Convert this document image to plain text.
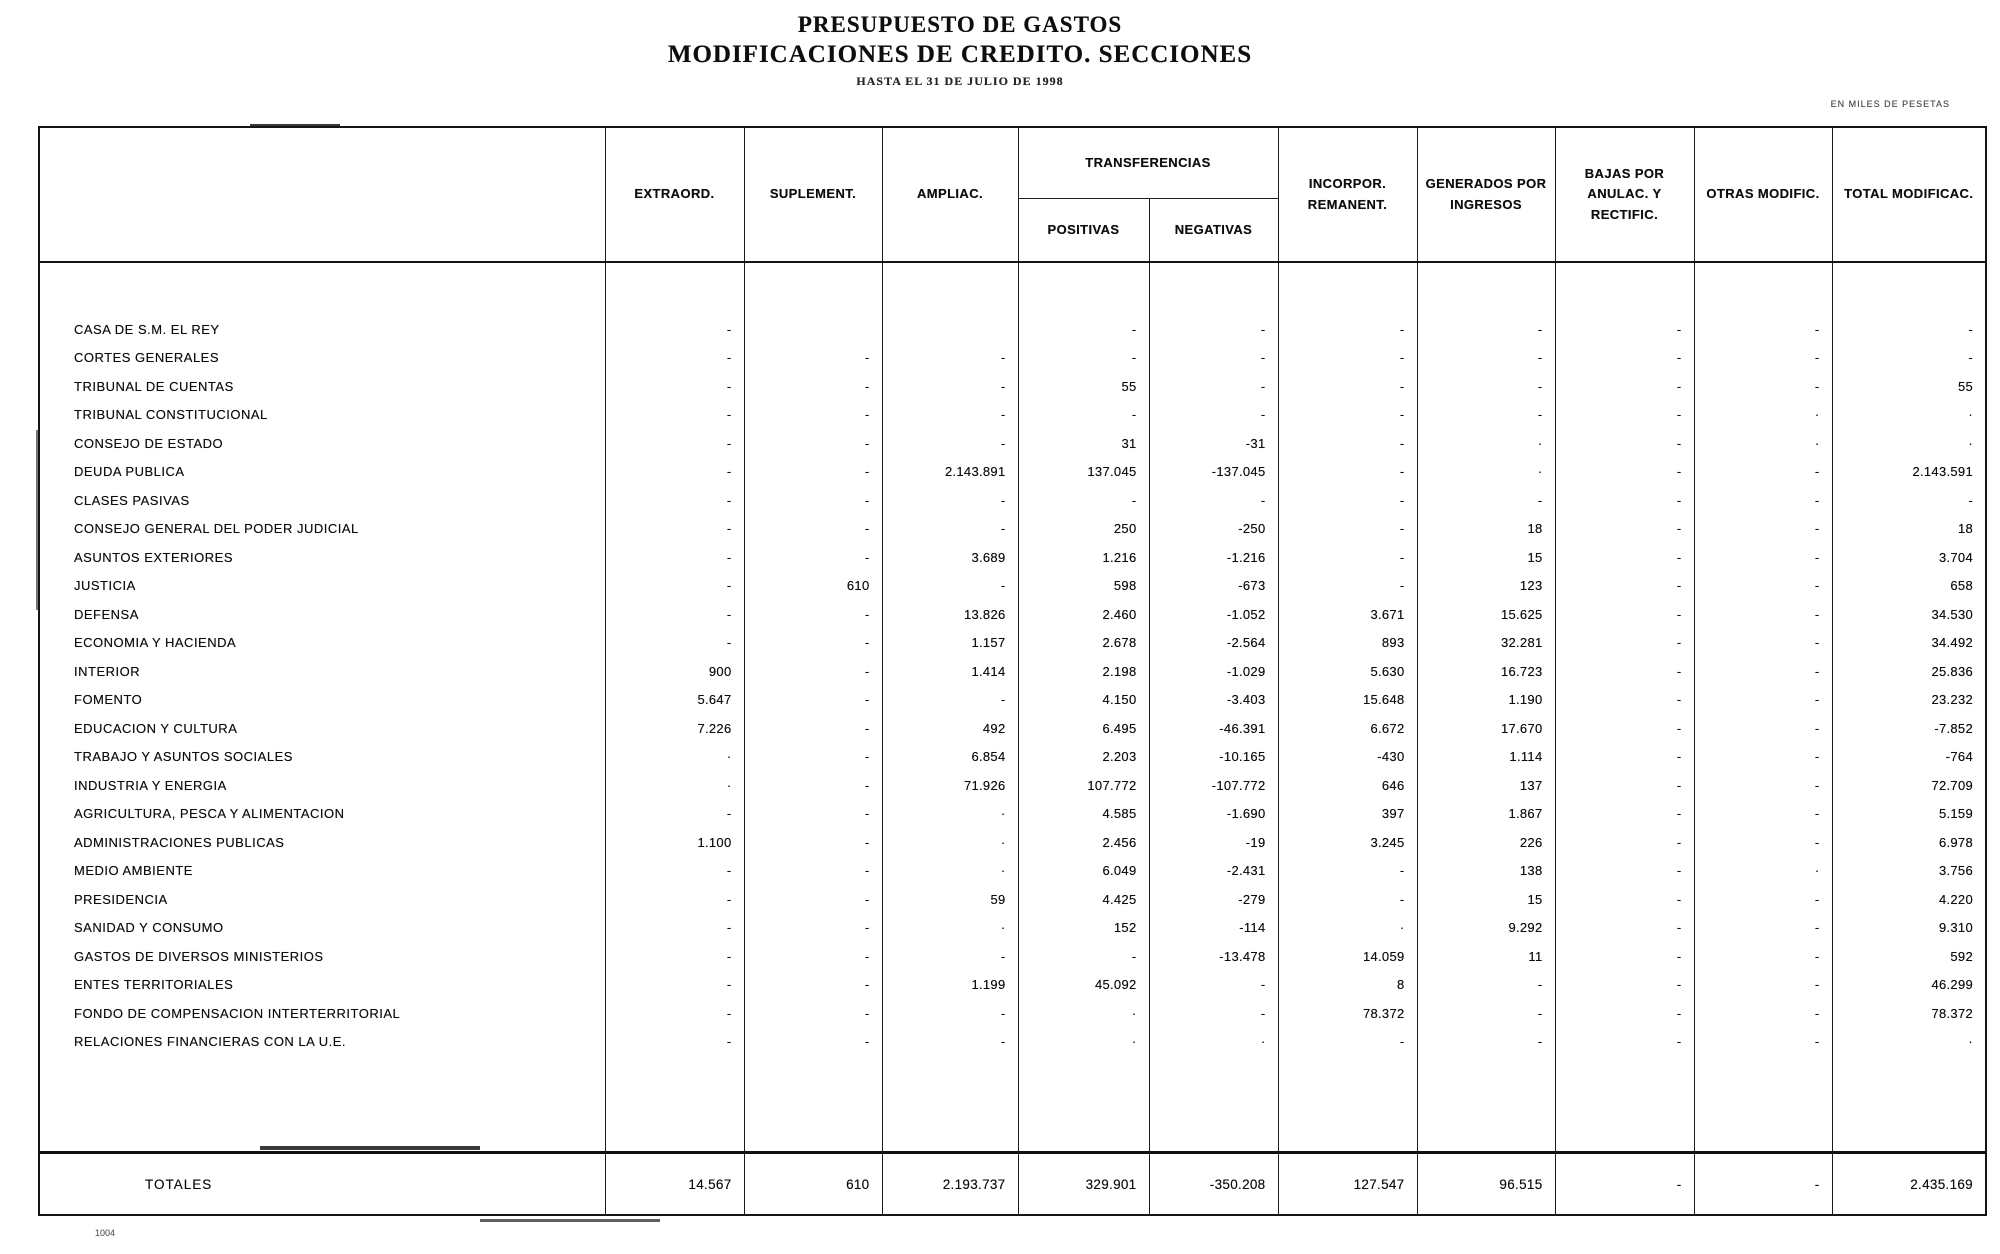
PRESUPUESTO DE GASTOS
MODIFICACIONES DE CREDITO. SECCIONES
HASTA EL 31 DE JULIO DE 1998
EN MILES DE PESETAS
	EXTRAORD.	SUPLEMENT.	AMPLIAC.	TRANSFERENCIAS		INCORPOR. REMANENT.	GENERADOS POR INGRESOS	BAJAS POR ANULAC. Y RECTIFIC.	OTRAS MODIFIC.	TOTAL MODIFICAC.
				POSITIVAS	NEGATIVAS					

CASA DE S.M. EL REY	-			-	-	-	-	-	-	-
CORTES GENERALES	-	-	-	-	-	-	-	-	-	-
TRIBUNAL DE CUENTAS	-	-	-	55	-	-	-	-	-	55
TRIBUNAL CONSTITUCIONAL	-	-	-	-	-	-	-	-	·	·
CONSEJO DE ESTADO	-	-	-	31	-31	-	·	-	·	·
DEUDA PUBLICA	-	-	2.143.891	137.045	-137.045	-	·	-	-	2.143.591
CLASES PASIVAS	-	-	-	-	-	-	-	-	-	-
CONSEJO GENERAL DEL PODER JUDICIAL	-	-	-	250	-250	-	18	-	-	18
ASUNTOS EXTERIORES	-	-	3.689	1.216	-1.216	-	15	-	-	3.704
JUSTICIA	-	610	-	598	-673	-	123	-	-	658
DEFENSA	-	-	13.826	2.460	-1.052	3.671	15.625	-	-	34.530
ECONOMIA Y HACIENDA	-	-	1.157	2.678	-2.564	893	32.281	-	-	34.492
INTERIOR	900	-	1.414	2.198	-1.029	5.630	16.723	-	-	25.836
FOMENTO	5.647	-	-	4.150	-3.403	15.648	1.190	-	-	23.232
EDUCACION Y CULTURA	7.226	-	492	6.495	-46.391	6.672	17.670	-	-	-7.852
TRABAJO Y ASUNTOS SOCIALES	·	-	6.854	2.203	-10.165	-430	1.114	-	-	-764
INDUSTRIA Y ENERGIA	·	-	71.926	107.772	-107.772	646	137	-	-	72.709
AGRICULTURA, PESCA Y ALIMENTACION	-	-	·	4.585	-1.690	397	1.867	-	-	5.159
ADMINISTRACIONES PUBLICAS	1.100	-	·	2.456	-19	3.245	226	-	-	6.978
MEDIO AMBIENTE	-	-	·	6.049	-2.431	-	138	-	·	3.756
PRESIDENCIA	-	-	59	4.425	-279	-	15	-	-	4.220
SANIDAD Y CONSUMO	-	-	·	152	-114	·	9.292	-	-	9.310
GASTOS DE DIVERSOS MINISTERIOS	-	-	-	-	-13.478	14.059	11	-	-	592
ENTES TERRITORIALES	-	-	1.199	45.092	-	8	-	-	-	46.299
FONDO DE COMPENSACION INTERTERRITORIAL	-	-	-	·	-	78.372	-	-	-	78.372
RELACIONES FINANCIERAS CON LA U.E.	-	-	-	·	·	-	-	-	-	·

TOTALES	14.567	610	2.193.737	329.901	-350.208	127.547	96.515	-	-	2.435.169
1004
